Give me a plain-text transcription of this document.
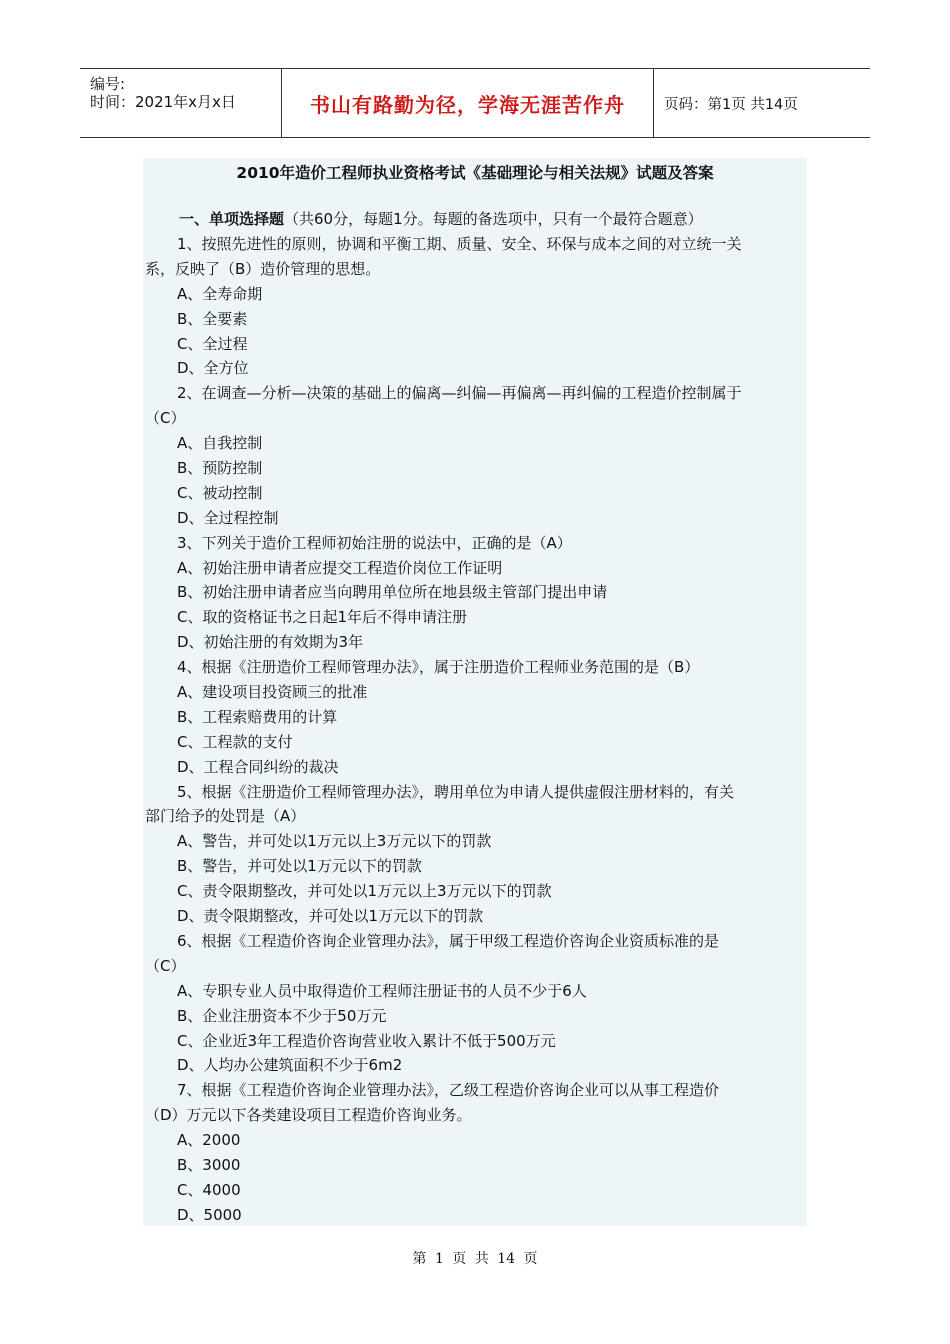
编号:
时间：2021年x月x日	书山有路勤为径，学海无涯苦作舟	页码：第1页 共14页
2010年造价工程师执业资格考试《基础理论与相关法规》试题及答案
一、单项选择题（共60分，每题1分。每题的备选项中，只有一个最符合题意）
1、按照先进性的原则，协调和平衡工期、质量、安全、环保与成本之间的对立统一关
系，反映了（B）造价管理的思想。
A、全寿命期
B、全要素
C、全过程
D、全方位
2、在调查—分析—决策的基础上的偏离—纠偏—再偏离—再纠偏的工程造价控制属于
（C）
A、自我控制
B、预防控制
C、被动控制
D、全过程控制
3、下列关于造价工程师初始注册的说法中，正确的是（A）
A、初始注册申请者应提交工程造价岗位工作证明
B、初始注册申请者应当向聘用单位所在地县级主管部门提出申请
C、取的资格证书之日起1年后不得申请注册
D、初始注册的有效期为3年
4、根据《注册造价工程师管理办法》，属于注册造价工程师业务范围的是（B）
A、建设项目投资顾三的批准
B、工程索赔费用的计算
C、工程款的支付
D、工程合同纠纷的裁决
5、根据《注册造价工程师管理办法》，聘用单位为申请人提供虚假注册材料的，有关
部门给予的处罚是（A）
A、警告，并可处以1万元以上3万元以下的罚款
B、警告，并可处以1万元以下的罚款
C、责令限期整改，并可处以1万元以上3万元以下的罚款
D、责令限期整改，并可处以1万元以下的罚款
6、根据《工程造价咨询企业管理办法》，属于甲级工程造价咨询企业资质标准的是
（C）
A、专职专业人员中取得造价工程师注册证书的人员不少于6人
B、企业注册资本不少于50万元
C、企业近3年工程造价咨询营业收入累计不低于500万元
D、人均办公建筑面积不少于6m2
7、根据《工程造价咨询企业管理办法》，乙级工程造价咨询企业可以从事工程造价
（D）万元以下各类建设项目工程造价咨询业务。
A、2000
B、3000
C、4000
D、5000
第 1 页 共 14 页
